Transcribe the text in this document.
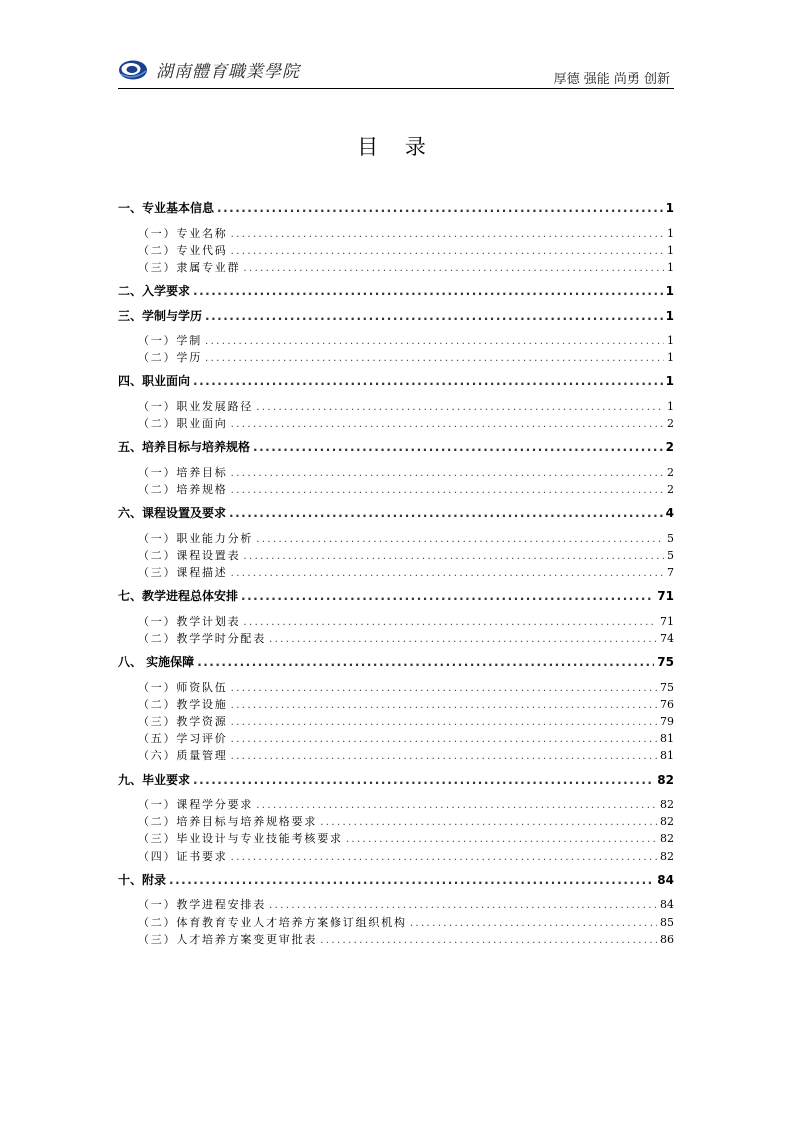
湖南體育職業學院	厚德 强能 尚勇 创新
目 录
一、专业基本信息 .....	1
（一）专业名称 .....	1
（二）专业代码 .....	1
（三）隶属专业群 .....	1
二、入学要求 .....	1
三、学制与学历 .....	1
（一）学制 .....	1
（二）学历 .....	1
四、职业面向 .....	1
（一）职业发展路径 .....	1
（二）职业面向 .....	2
五、培养目标与培养规格 .....	2
（一）培养目标 .....	2
（二）培养规格 .....	2
六、课程设置及要求 .....	4
（一）职业能力分析 .....	5
（二）课程设置表 .....	5
（三）课程描述 .....	7
七、教学进程总体安排 .....	71
（一）教学计划表 .....	71
（二）教学学时分配表 .....	74
八、 实施保障 .....	75
（一）师资队伍 .....	75
（二）教学设施 .....	76
（三）教学资源 .....	79
（五）学习评价 .....	81
（六）质量管理 .....	81
九、毕业要求 .....	82
（一）课程学分要求 .....	82
（二）培养目标与培养规格要求 .....	82
（三）毕业设计与专业技能考核要求 .....	82
（四）证书要求 .....	82
十、附录 .....	84
（一）教学进程安排表 .....	84
（二）体育教育专业人才培养方案修订组织机构 .....	85
（三）人才培养方案变更审批表 .....	86
